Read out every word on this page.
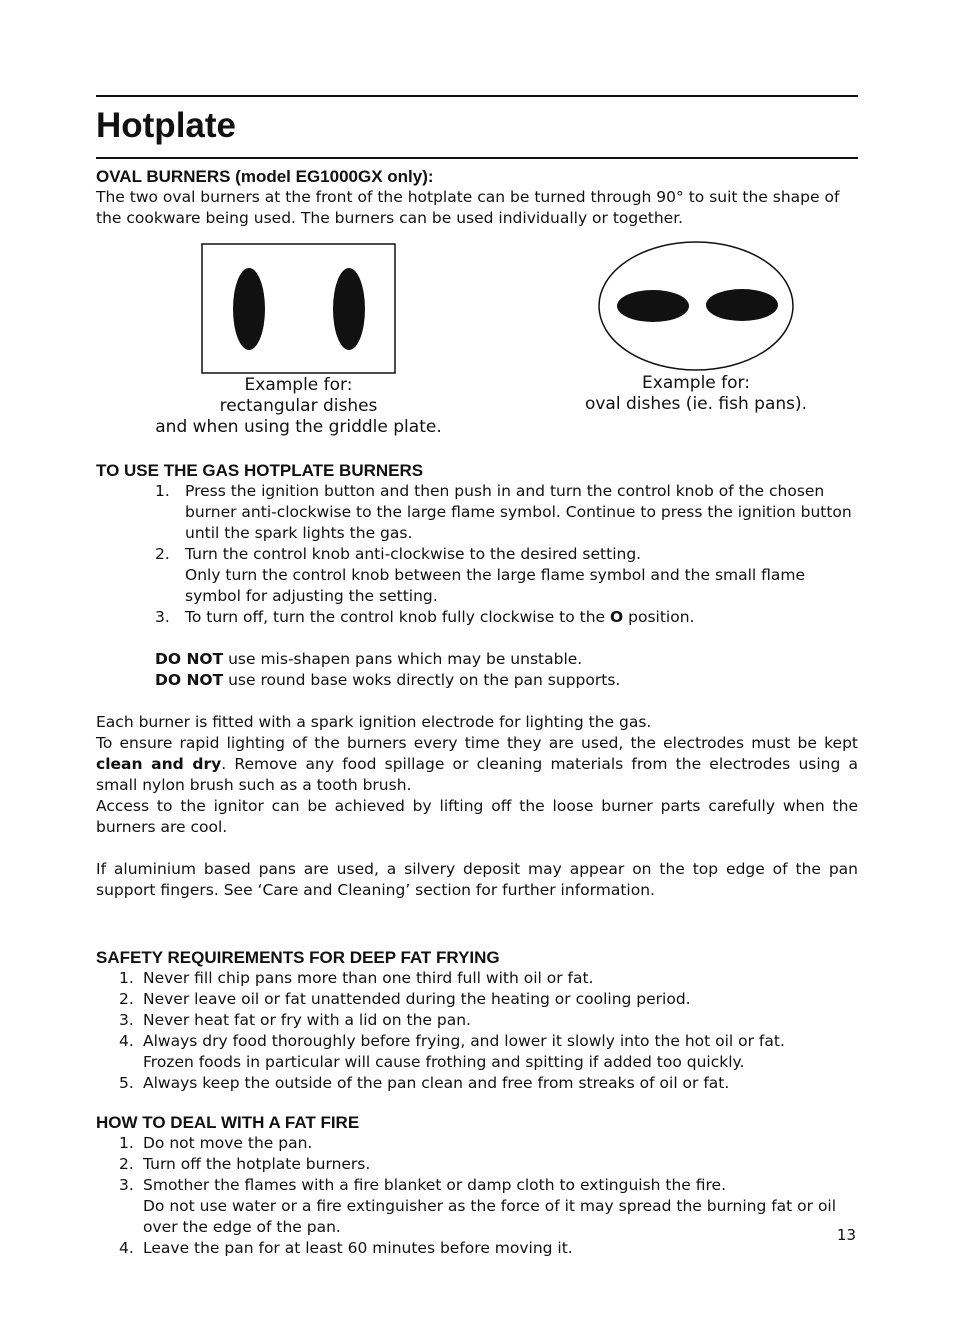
Hotplate
OVAL BURNERS (model EG1000GX only):

The two oval burners at the front of the hotplate can be turned through 90° to suit the shape of the cookware being used. The burners can be used individually or together.

Example for:
rectangular dishes
and when using the griddle plate.
Example for:
oval dishes (ie. fish pans).
TO USE THE GAS HOTPLATE BURNERS
1. Press the ignition button and then push in and turn the control knob of the chosen burner anti-clockwise to the large flame symbol. Continue to press the ignition button until the spark lights the gas.
2. Turn the control knob anti-clockwise to the desired setting.
Only turn the control knob between the large flame symbol and the small flame symbol for adjusting the setting.
3. To turn off, turn the control knob fully clockwise to the O position.

DO NOT use mis-shapen pans which may be unstable.

DO NOT use round base woks directly on the pan supports.

Each burner is fitted with a spark ignition electrode for lighting the gas.

To ensure rapid lighting of the burners every time they are used, the electrodes must be kept clean and dry. Remove any food spillage or cleaning materials from the electrodes using a small nylon brush such as a tooth brush.

Access to the ignitor can be achieved by lifting off the loose burner parts carefully when the burners are cool.

If aluminium based pans are used, a silvery deposit may appear on the top edge of the pan support fingers. See ‘Care and Cleaning’ section for further information.

SAFETY REQUIREMENTS FOR DEEP FAT FRYING
1. Never fill chip pans more than one third full with oil or fat.
2. Never leave oil or fat unattended during the heating or cooling period.
3. Never heat fat or fry with a lid on the pan.
4. Always dry food thoroughly before frying, and lower it slowly into the hot oil or fat.
Frozen foods in particular will cause frothing and spitting if added too quickly.
5. Always keep the outside of the pan clean and free from streaks of oil or fat.
HOW TO DEAL WITH A FAT FIRE
1. Do not move the pan.
2. Turn off the hotplate burners.
3. Smother the flames with a fire blanket or damp cloth to extinguish the fire.
Do not use water or a fire extinguisher as the force of it may spread the burning fat or oil over the edge of the pan.
4. Leave the pan for at least 60 minutes before moving it.
13
